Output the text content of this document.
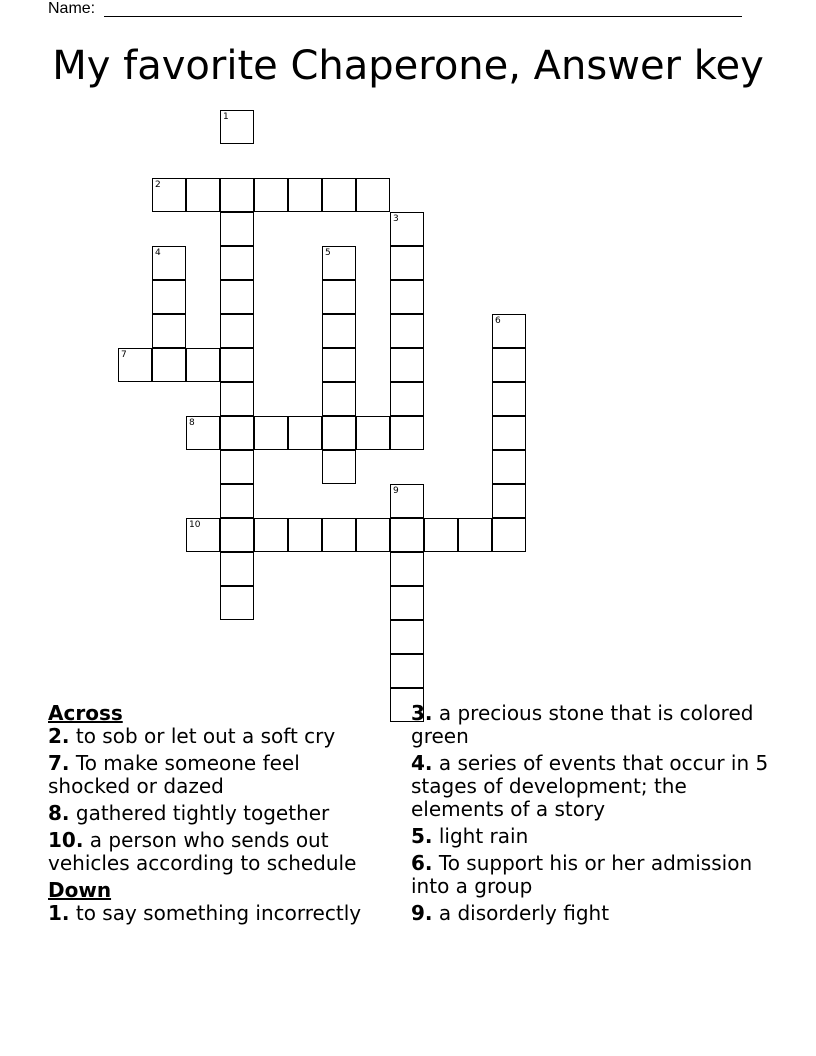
Name:
My favorite Chaperone, Answer key
1
2
3
4	5
6
7
8
9
10
Across
2. to sob or let out a soft cry
7. To make someone feel shocked or dazed
8. gathered tightly together
10. a person who sends out vehicles according to schedule
Down
1. to say something incorrectly
3. a precious stone that is colored green
4. a series of events that occur in 5 stages of development; the elements of a story
5. light rain
6. To support his or her admission into a group
9. a disorderly fight
